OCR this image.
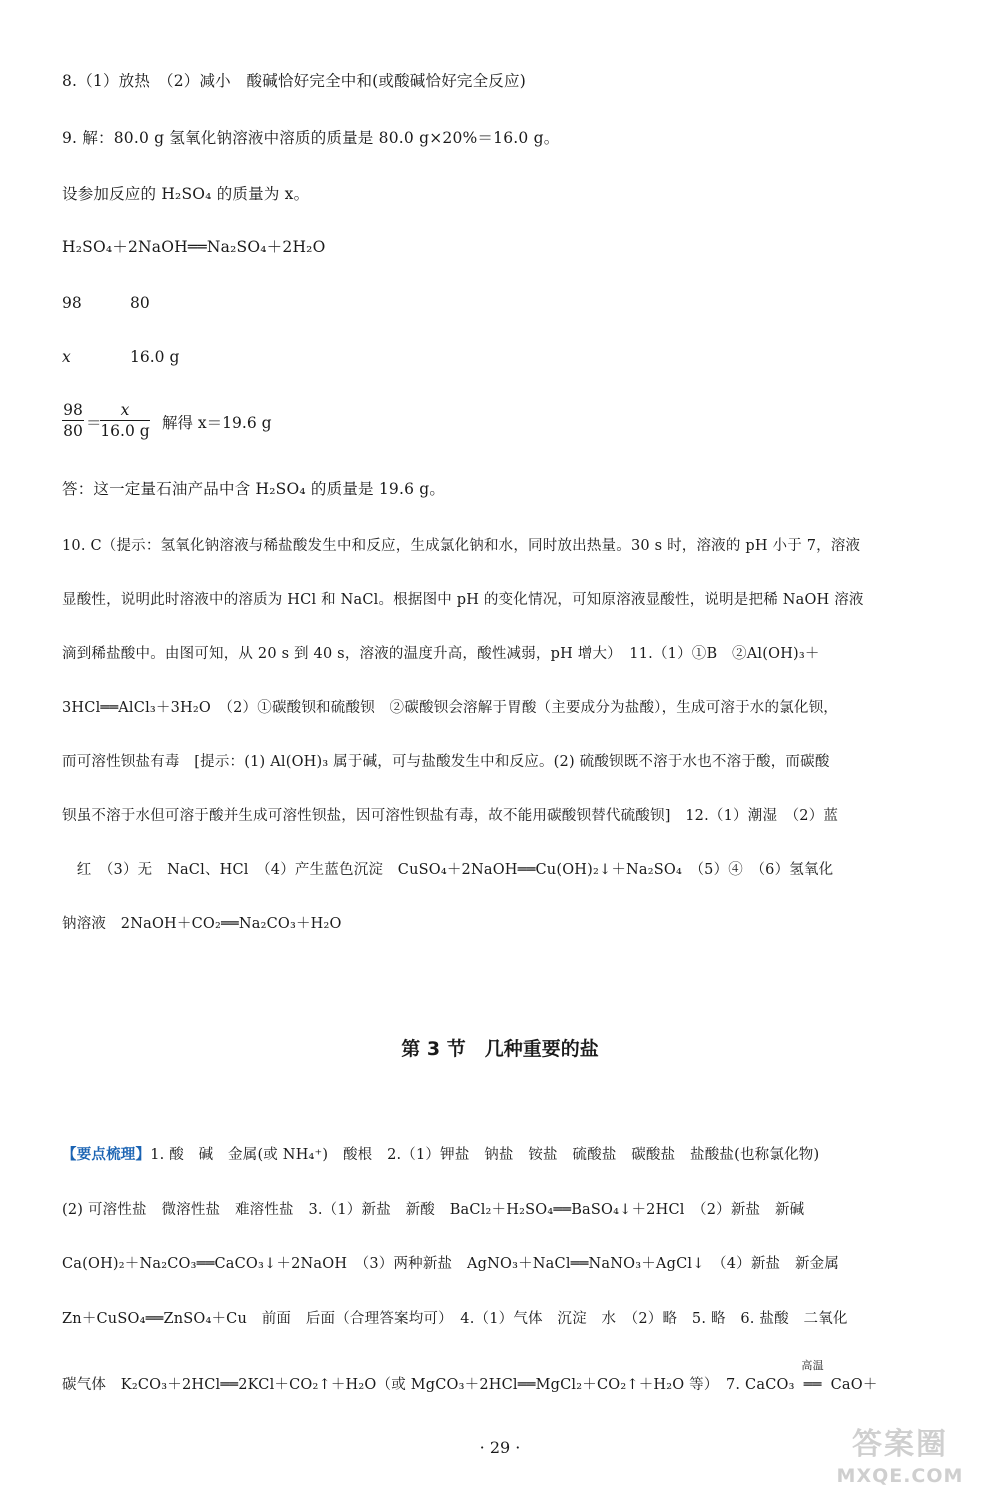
8.（1）放热　（2）减小　酸碱恰好完全中和(或酸碱恰好完全反应)
9. 解：80.0 g 氢氧化钠溶液中溶质的质量是 80.0 g×20%＝16.0 g。
设参加反应的 H₂SO₄ 的质量为 x。
H₂SO₄＋2NaOH══Na₂SO₄＋2H₂O
98	80
x	16.0 g
98
80 ＝
x
16.0 g 解得 x＝19.6 g
答：这一定量石油产品中含 H₂SO₄ 的质量是 19.6 g。
10. C（提示：氢氧化钠溶液与稀盐酸发生中和反应，生成氯化钠和水，同时放出热量。30 s 时，溶液的 pH 小于 7，溶液
显酸性，说明此时溶液中的溶质为 HCl 和 NaCl。根据图中 pH 的变化情况，可知原溶液显酸性，说明是把稀 NaOH 溶液
滴到稀盐酸中。由图可知，从 20 s 到 40 s，溶液的温度升高，酸性减弱，pH 增大）　11.（1）①B　②Al(OH)₃＋
3HCl══AlCl₃＋3H₂O　（2）①碳酸钡和硫酸钡　②碳酸钡会溶解于胃酸（主要成分为盐酸），生成可溶于水的氯化钡，
而可溶性钡盐有毒　[提示：(1) Al(OH)₃ 属于碱，可与盐酸发生中和反应。(2) 硫酸钡既不溶于水也不溶于酸，而碳酸
钡虽不溶于水但可溶于酸并生成可溶性钡盐，因可溶性钡盐有毒，故不能用碳酸钡替代硫酸钡]　12.（1）潮湿　（2）蓝
　红　（3）无　NaCl、HCl　（4）产生蓝色沉淀　CuSO₄＋2NaOH══Cu(OH)₂↓＋Na₂SO₄　（5）④　（6）氢氧化
钠溶液　2NaOH＋CO₂══Na₂CO₃＋H₂O
第 3 节　几种重要的盐
【要点梳理】1. 酸　碱　金属(或 NH₄⁺)　酸根　2.（1）钾盐　钠盐　铵盐　硫酸盐　碳酸盐　盐酸盐(也称氯化物)
(2) 可溶性盐　微溶性盐　难溶性盐　3.（1）新盐　新酸　BaCl₂＋H₂SO₄══BaSO₄↓＋2HCl　（2）新盐　新碱
Ca(OH)₂＋Na₂CO₃══CaCO₃↓＋2NaOH　（3）两种新盐　AgNO₃＋NaCl══NaNO₃＋AgCl↓　（4）新盐　新金属
Zn＋CuSO₄══ZnSO₄＋Cu　前面　后面（合理答案均可）　4.（1）气体　沉淀　水　（2）略　5. 略　6. 盐酸　二氧化
碳气体　K₂CO₃＋2HCl══2KCl＋CO₂↑＋H₂O（或 MgCO₃＋2HCl══MgCl₂＋CO₂↑＋H₂O 等）　7. CaCO₃
高温
══ CaO＋
· 29 ·	答案圈
MXQE.COM
